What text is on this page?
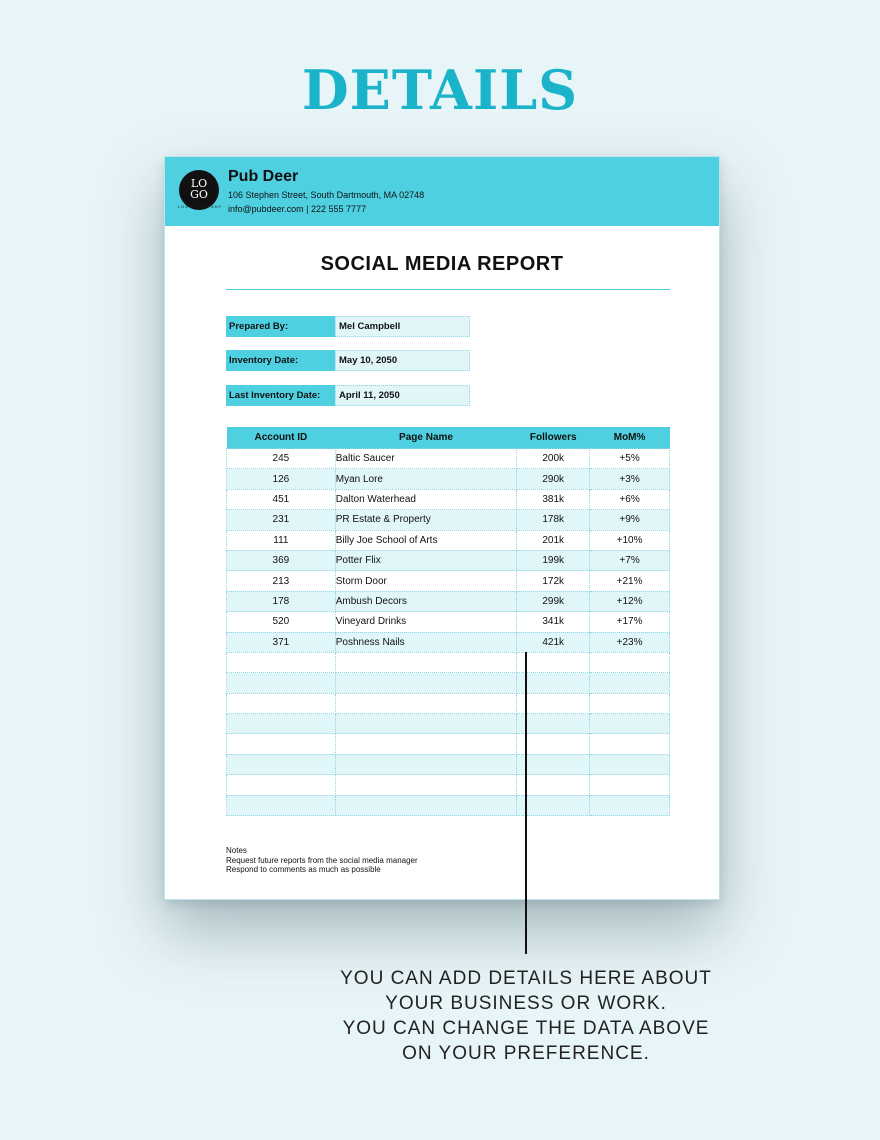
DETAILS
LO
GO
LOGO COMPANY
Pub Deer
106 Stephen Street, South Dartmouth, MA 02748
info@pubdeer.com | 222 555 7777
SOCIAL MEDIA REPORT
Prepared By:	Mel Campbell
Inventory Date:	May 10, 2050
Last Inventory Date:	April 11, 2050
Account ID	Page Name	Followers	MoM%
245	Baltic Saucer	200k	+5%
126	Myan Lore	290k	+3%
451	Dalton Waterhead	381k	+6%
231	PR Estate & Property	178k	+9%
111	Billy Joe School of Arts	201k	+10%
369	Potter Flix	199k	+7%
213	Storm Door	172k	+21%
178	Ambush Decors	299k	+12%
520	Vineyard Drinks	341k	+17%
371	Poshness Nails	421k	+23%

Notes
Request future reports from the social media manager
Respond to comments as much as possible
YOU CAN ADD DETAILS HERE ABOUT
YOUR BUSINESS OR WORK.
YOU CAN CHANGE THE DATA ABOVE
ON YOUR PREFERENCE.
